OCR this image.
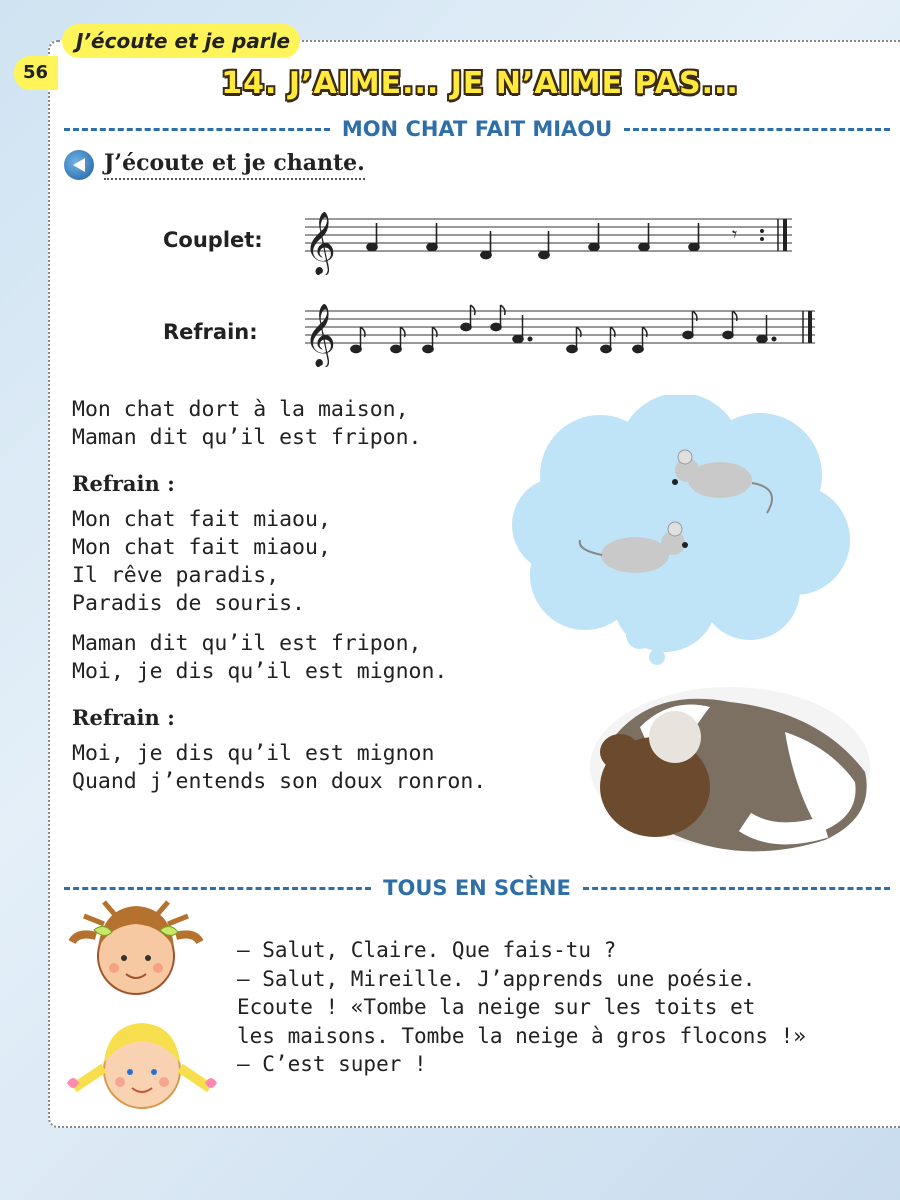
J’écoute et je parle
56	14. J’AIME... JE N’AIME PAS...
MON CHAT FAIT MIAOU
J’écoute et je chante.
Couplet: 𝄞	𝄾
Refrain: 𝄞
Mon chat dort à la maison,
Maman dit qu’il est fripon.
Refrain :
Mon chat fait miaou,
Mon chat fait miaou,
Il rêve paradis,
Paradis de souris.
Maman dit qu’il est fripon,
Moi, je dis qu’il est mignon.
Refrain :
Moi, je dis qu’il est mignon
Quand j’entends son doux ronron.
TOUS EN SCÈNE
— Salut, Claire. Que fais-tu ?
— Salut, Mireille. J’apprends une poésie.
Ecoute ! «Tombe la neige sur les toits et
les maisons. Tombe la neige à gros flocons !»
— C’est super !
